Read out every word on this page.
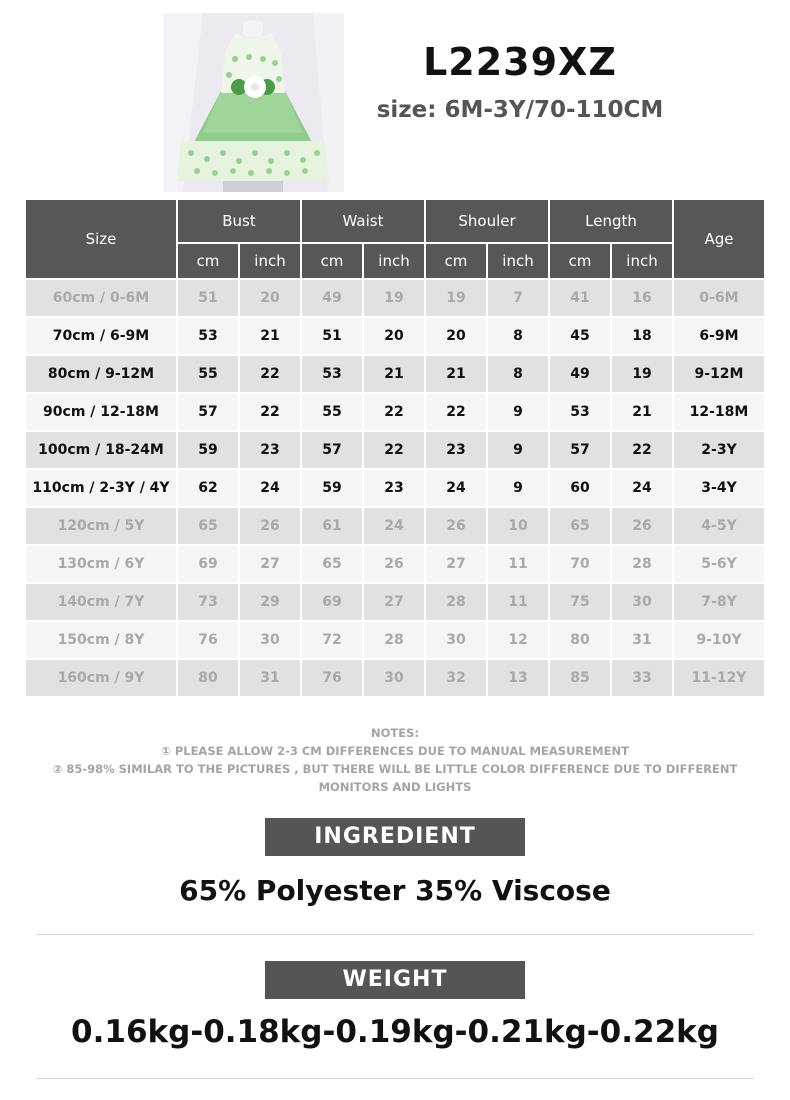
L2239XZ
size: 6M-3Y/70-110CM
Size	Bust		Waist		Shouler		Length		Age
	cm	inch	cm	inch	cm	inch	cm	inch	
60cm / 0-6M	51	20	49	19	19	7	41	16	0-6M
70cm / 6-9M	53	21	51	20	20	8	45	18	6-9M
80cm / 9-12M	55	22	53	21	21	8	49	19	9-12M
90cm / 12-18M	57	22	55	22	22	9	53	21	12-18M
100cm / 18-24M	59	23	57	22	23	9	57	22	2-3Y
110cm / 2-3Y / 4Y	62	24	59	23	24	9	60	24	3-4Y
120cm / 5Y	65	26	61	24	26	10	65	26	4-5Y
130cm / 6Y	69	27	65	26	27	11	70	28	5-6Y
140cm / 7Y	73	29	69	27	28	11	75	30	7-8Y
150cm / 8Y	76	30	72	28	30	12	80	31	9-10Y
160cm / 9Y	80	31	76	30	32	13	85	33	11-12Y
NOTES:
① PLEASE ALLOW 2-3 CM DIFFERENCES DUE TO MANUAL MEASUREMENT
② 85-98% SIMILAR TO THE PICTURES , BUT THERE WILL BE LITTLE COLOR DIFFERENCE DUE TO DIFFERENT MONITORS AND LIGHTS
INGREDIENT
65% Polyester 35% Viscose
WEIGHT
0.16kg-0.18kg-0.19kg-0.21kg-0.22kg
